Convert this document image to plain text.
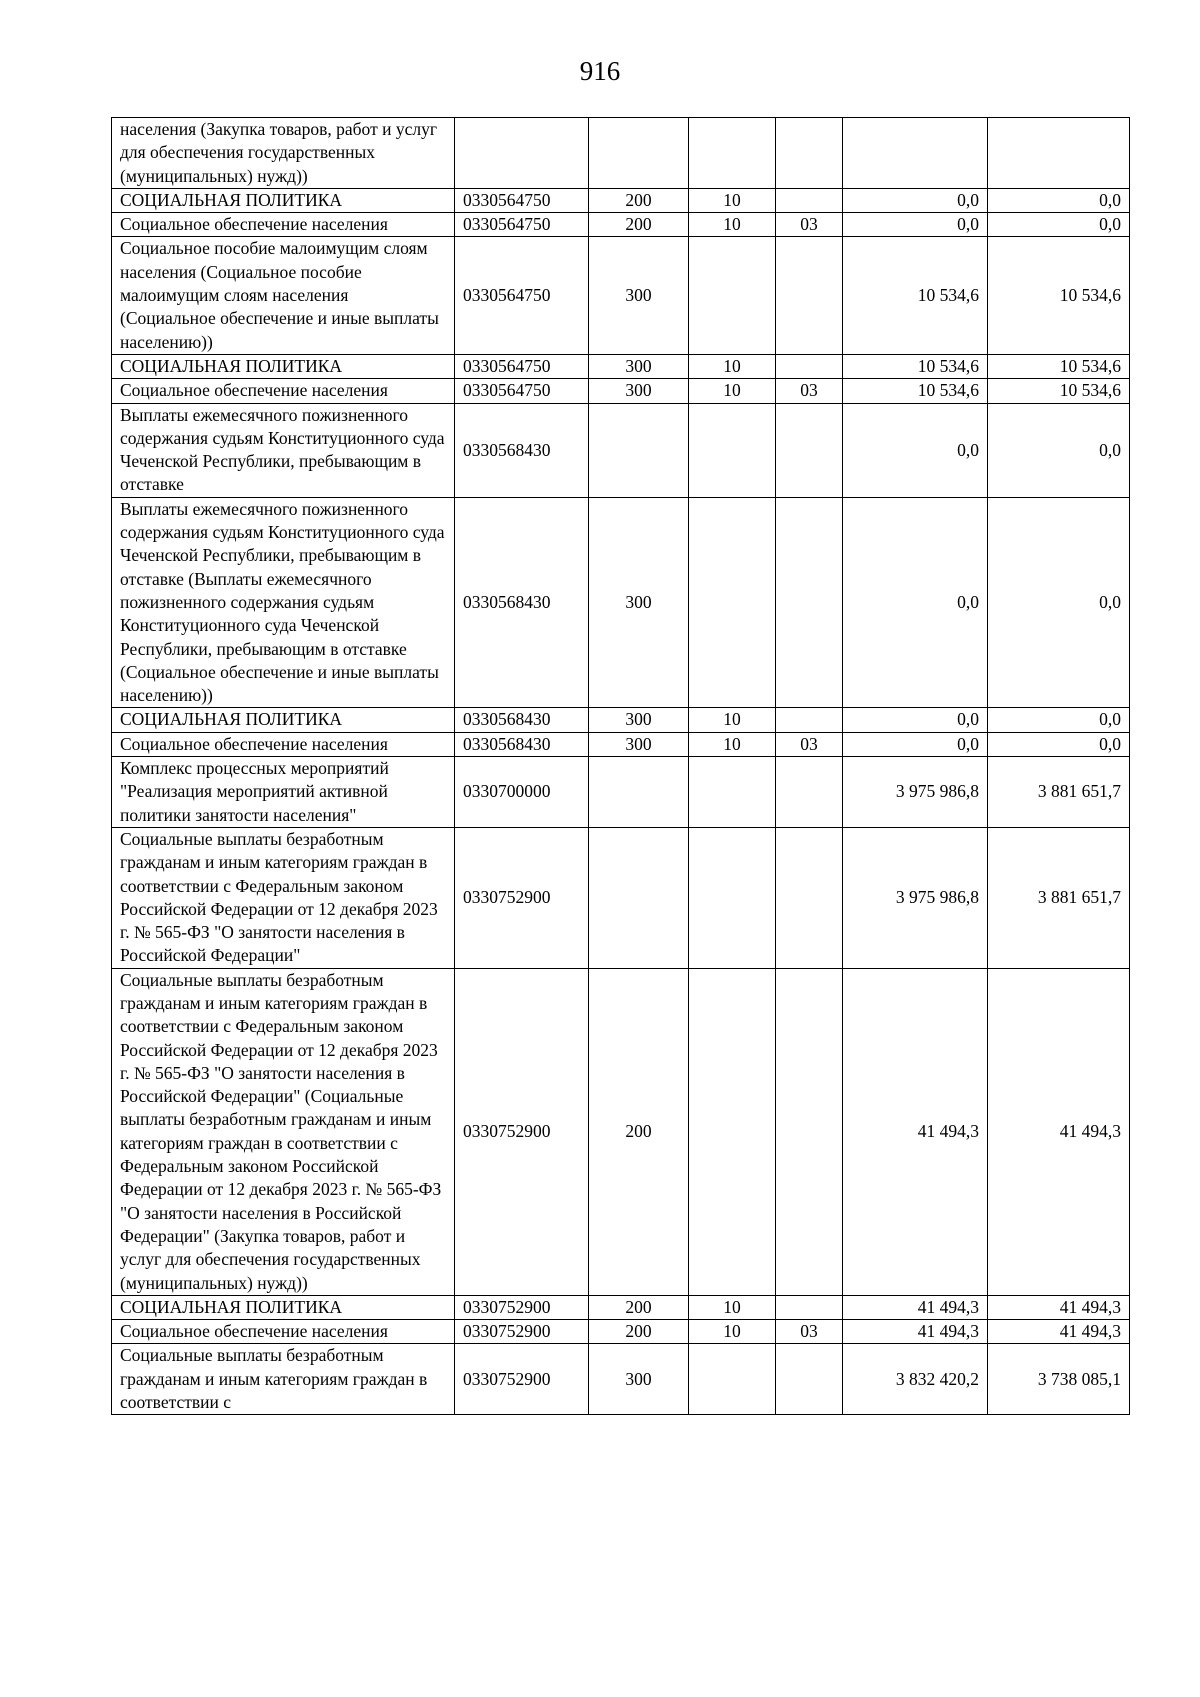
916
населения (Закупка товаров, работ и услуг для обеспечения государственных (муниципальных) нужд))						
СОЦИАЛЬНАЯ ПОЛИТИКА	0330564750	200	10		0,0	0,0
Социальное обеспечение населения	0330564750	200	10	03	0,0	0,0
Социальное пособие малоимущим слоям населения (Социальное пособие малоимущим слоям населения (Социальное обеспечение и иные выплаты населению))	0330564750	300			10 534,6	10 534,6
СОЦИАЛЬНАЯ ПОЛИТИКА	0330564750	300	10		10 534,6	10 534,6
Социальное обеспечение населения	0330564750	300	10	03	10 534,6	10 534,6
Выплаты ежемесячного пожизненного содержания судьям Конституционного суда Чеченской Республики, пребывающим в отставке	0330568430				0,0	0,0
Выплаты ежемесячного пожизненного содержания судьям Конституционного суда Чеченской Республики, пребывающим в отставке (Выплаты ежемесячного пожизненного содержания судьям Конституционного суда Чеченской Республики, пребывающим в отставке (Социальное обеспечение и иные выплаты населению))	0330568430	300			0,0	0,0
СОЦИАЛЬНАЯ ПОЛИТИКА	0330568430	300	10		0,0	0,0
Социальное обеспечение населения	0330568430	300	10	03	0,0	0,0
Комплекс процессных мероприятий "Реализация мероприятий активной политики занятости населения"	0330700000				3 975 986,8	3 881 651,7
Социальные выплаты безработным гражданам и иным категориям граждан в соответствии с Федеральным законом Российской Федерации от 12 декабря 2023 г. № 565-ФЗ "О занятости населения в Российской Федерации"	0330752900				3 975 986,8	3 881 651,7
Социальные выплаты безработным гражданам и иным категориям граждан в соответствии с Федеральным законом Российской Федерации от 12 декабря 2023 г. № 565-ФЗ "О занятости населения в Российской Федерации" (Социальные выплаты безработным гражданам и иным категориям граждан в соответствии с Федеральным законом Российской Федерации от 12 декабря 2023 г. № 565-ФЗ "О занятости населения в Российской Федерации" (Закупка товаров, работ и услуг для обеспечения государственных (муниципальных) нужд))	0330752900	200			41 494,3	41 494,3
СОЦИАЛЬНАЯ ПОЛИТИКА	0330752900	200	10		41 494,3	41 494,3
Социальное обеспечение населения	0330752900	200	10	03	41 494,3	41 494,3
Социальные выплаты безработным гражданам и иным категориям граждан в соответствии с	0330752900	300			3 832 420,2	3 738 085,1
